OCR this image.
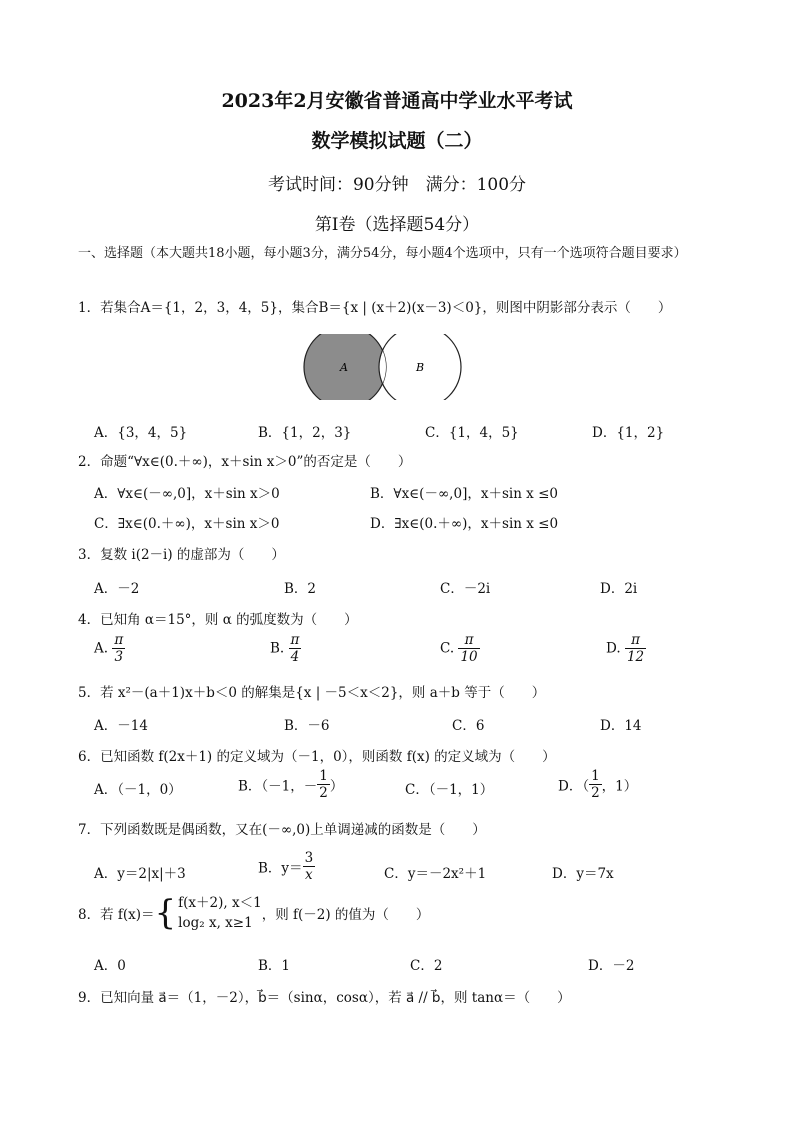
2023年2月安徽省普通高中学业水平考试
数学模拟试题（二）
考试时间：90分钟　满分：100分
第Ⅰ卷（选择题54分）
一、选择题（本大题共18小题，每小题3分，满分54分，每小题4个选项中，只有一个选项符合题目要求）
1．若集合A＝{1，2，3，4，5}，集合B＝{x | (x＋2)(x－3)＜0}，则图中阴影部分表示（　　）
A	B
A．{3，4，5}	B．{1，2，3}	C．{1，4，5}	D．{1，2}
2．命题“∀x∈(0.＋∞)，x＋sin x＞0”的否定是（　　）
A．∀x∈(－∞,0]，x＋sin x＞0	B．∀x∈(－∞,0]，x＋sin x ≤0
C．∃x∈(0.＋∞)，x＋sin x＞0	D．∃x∈(0.＋∞)，x＋sin x ≤0
3．复数 i(2－i) 的虚部为（　　）
A．－2	B．2	C．－2i	D．2i
4．已知角 α＝15°，则 α 的弧度数为（　　）
A. $\frac{\pi}{3}$	B. $\frac{\pi}{4}$	C. $\frac{\pi}{10}$	D. $\frac{\pi}{12}$
5．若 x²－(a＋1)x＋b＜0 的解集是{x | －5＜x＜2}，则 a＋b 等于（　　）
A．－14	B．－6	C．6	D．14
6．已知函数 f(2x＋1) 的定义域为（－1，0），则函数 f(x) 的定义域为（　　）
A．（－1，0）	B．（－1，－ $\frac{1}{2}$ ）	C．（－1，1）	D．（ $\frac{1}{2}$ ，1）
7．下列函数既是偶函数，又在(－∞,0)上单调递减的函数是（　　）
A．y＝2|x|＋3	B．$y= \frac{3}{x}$	C．y＝－2x²＋1	D．y＝7x
8．若 f(x)＝{ f(x＋2), x＜1
log₂ x, x≥1 ，则 f(－2) 的值为（　　）
A．0	B．1	C．2	D．－2
9．已知向量 a⃗＝（1，－2），b⃗＝（sinα，cosα），若 a⃗ // b⃗，则 tanα＝（　　）
